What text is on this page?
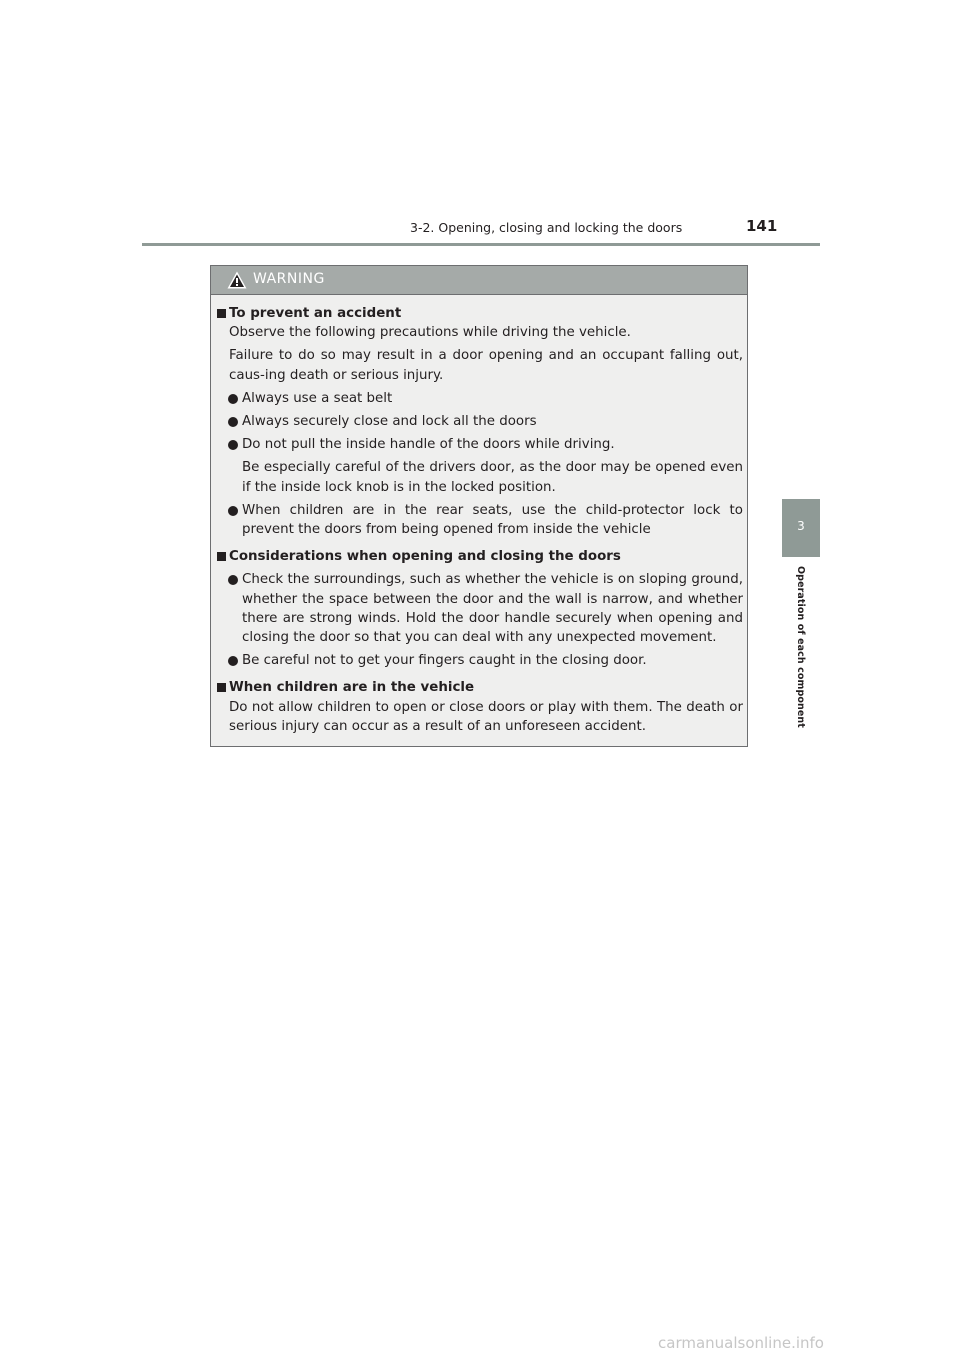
3-2. Opening, closing and locking the doors	141
3
Operation of each component
WARNING

To prevent an accident

Observe the following precautions while driving the vehicle.

Failure to do so may result in a door opening and an occupant falling out, caus-ing death or serious injury.

Always use a seat belt

Always securely close and lock all the doors

Do not pull the inside handle of the doors while driving.

Be especially careful of the drivers door, as the door may be opened even if the inside lock knob is in the locked position.

When children are in the rear seats, use the child-protector lock to prevent the doors from being opened from inside the vehicle

Considerations when opening and closing the doors

Check the surroundings, such as whether the vehicle is on sloping ground, whether the space between the door and the wall is narrow, and whether there are strong winds. Hold the door handle securely when opening and closing the door so that you can deal with any unexpected movement.

Be careful not to get your fingers caught in the closing door.

When children are in the vehicle

Do not allow children to open or close doors or play with them. The death or serious injury can occur as a result of an unforeseen accident.

carmanualsonline.info
